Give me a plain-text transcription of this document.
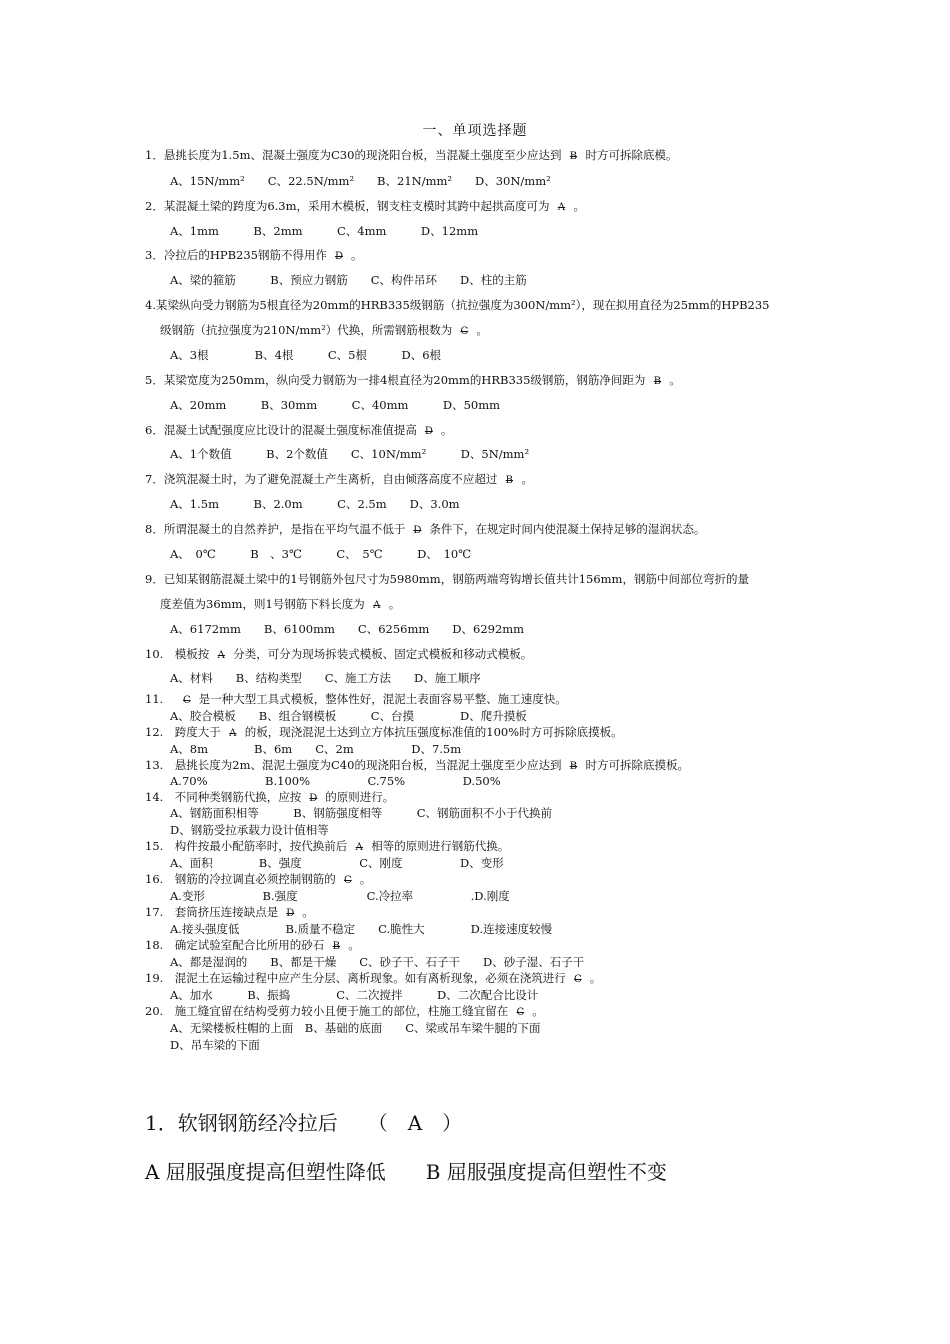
一、单项选择题
1．悬挑长度为1.5m、混凝土强度为C30的现浇阳台板，当混凝土强度至少应达到 B 时方可拆除底模。
A、15N/mm²　　C、22.5N/mm²　　B、21N/mm²　　D、30N/mm²
2．某混凝土梁的跨度为6.3m，采用木模板，钢支柱支模时其跨中起拱高度可为 A 。
A、1mm　　　B、2mm　　　C、4mm　　　D、12mm
3．冷拉后的HPB235钢筋不得用作 D 。
A、梁的箍筋　　　B、预应力钢筋　　C、构件吊环　　D、柱的主筋
4.某梁纵向受力钢筋为5根直径为20mm的HRB335级钢筋（抗拉强度为300N/mm²），现在拟用直径为25mm的HPB235
级钢筋（抗拉强度为210N/mm²）代换，所需钢筋根数为 C 。
A、3根　　　　B、4根　　　C、5根　　　D、6根
5．某梁宽度为250mm，纵向受力钢筋为一排4根直径为20mm的HRB335级钢筋，钢筋净间距为 B 。
A、20mm　　　B、30mm　　　C、40mm　　　D、50mm
6．混凝土试配强度应比设计的混凝土强度标准值提高 D 。
A、1个数值　　　B、2个数值　　C、10N/mm²　　　D、5N/mm²
7．浇筑混凝土时，为了避免混凝土产生离析，自由倾落高度不应超过 B 。
A、1.5m　　　B、2.0m　　　C、2.5m　　D、3.0m
8．所谓混凝土的自然养护，是指在平均气温不低于 D 条件下，在规定时间内使混凝土保持足够的湿润状态。
A、　0℃　　　B　、3℃　　　C、　5℃　　　D、　10℃
9．已知某钢筋混凝土梁中的1号钢筋外包尺寸为5980mm，钢筋两端弯钩增长值共计156mm，钢筋中间部位弯折的量
度差值为36mm，则1号钢筋下料长度为 A 。
A、6172mm　　B、6100mm　　C、6256mm　　D、6292mm
10.　模板按 A 分类，可分为现场拆装式模板、固定式模板和移动式模板。
A、材料　　B、结构类型　　C、施工方法　　D、施工顺序
11.　C 是一种大型工具式模板，整体性好，混泥土表面容易平整、施工速度快。
A、胶合模板　　B、组合钢模板　　　C、台摸　　　　D、爬升摸板
12.　跨度大于 A 的板，现浇混泥土达到立方体抗压强度标准值的100%时方可拆除底摸板。
A、8m　　　　B、6m　　C、2m　　　　　D、7.5m
13.　悬挑长度为2m、混泥土强度为C40的现浇阳台板，当混泥土强度至少应达到 B 时方可拆除底摸板。
A.70%　　　　　B.100%　　　　　C.75%　　　　　D.50%
14.　不同种类钢筋代换，应按 D 的原则进行。
A、钢筋面积相等　　　B、钢筋强度相等　　　C、钢筋面积不小于代换前
D、钢筋受拉承载力设计值相等
15.　构件按最小配筋率时，按代换前后 A 相等的原则进行钢筋代换。
A、面积　　　　B、强度　　　　　C、刚度　　　　　D、变形
16.　钢筋的冷拉调直必须控制钢筋的 C 。
A.变形　　　　　B.强度　　　　　　C.冷拉率　　　　　.D.刚度
17.　套筒挤压连接缺点是 D 。
A.接头强度低　　　　B.质量不稳定　　C.脆性大　　　　D.连接速度较慢
18.　确定试验室配合比所用的砂石 B 。
A、都是湿润的　　B、都是干燥　　C、砂子干、石子干　　D、砂子湿、石子干
19.　混泥土在运输过程中应产生分层、离析现象。如有离析现象，必须在浇筑进行 C 。
A、加水　　　B、振捣　　　　C、二次搅拌　　　D、二次配合比设计
20.　施工缝宜留在结构受剪力较小且便于施工的部位，柱施工缝宜留在 C 。
A、无梁楼板柱帽的上面　B、基础的底面　　C、梁或吊车梁牛腿的下面
D、吊车梁的下面
1．软钢钢筋经冷拉后　　（　A　）
A 屈服强度提高但塑性降低　　B 屈服强度提高但塑性不变
